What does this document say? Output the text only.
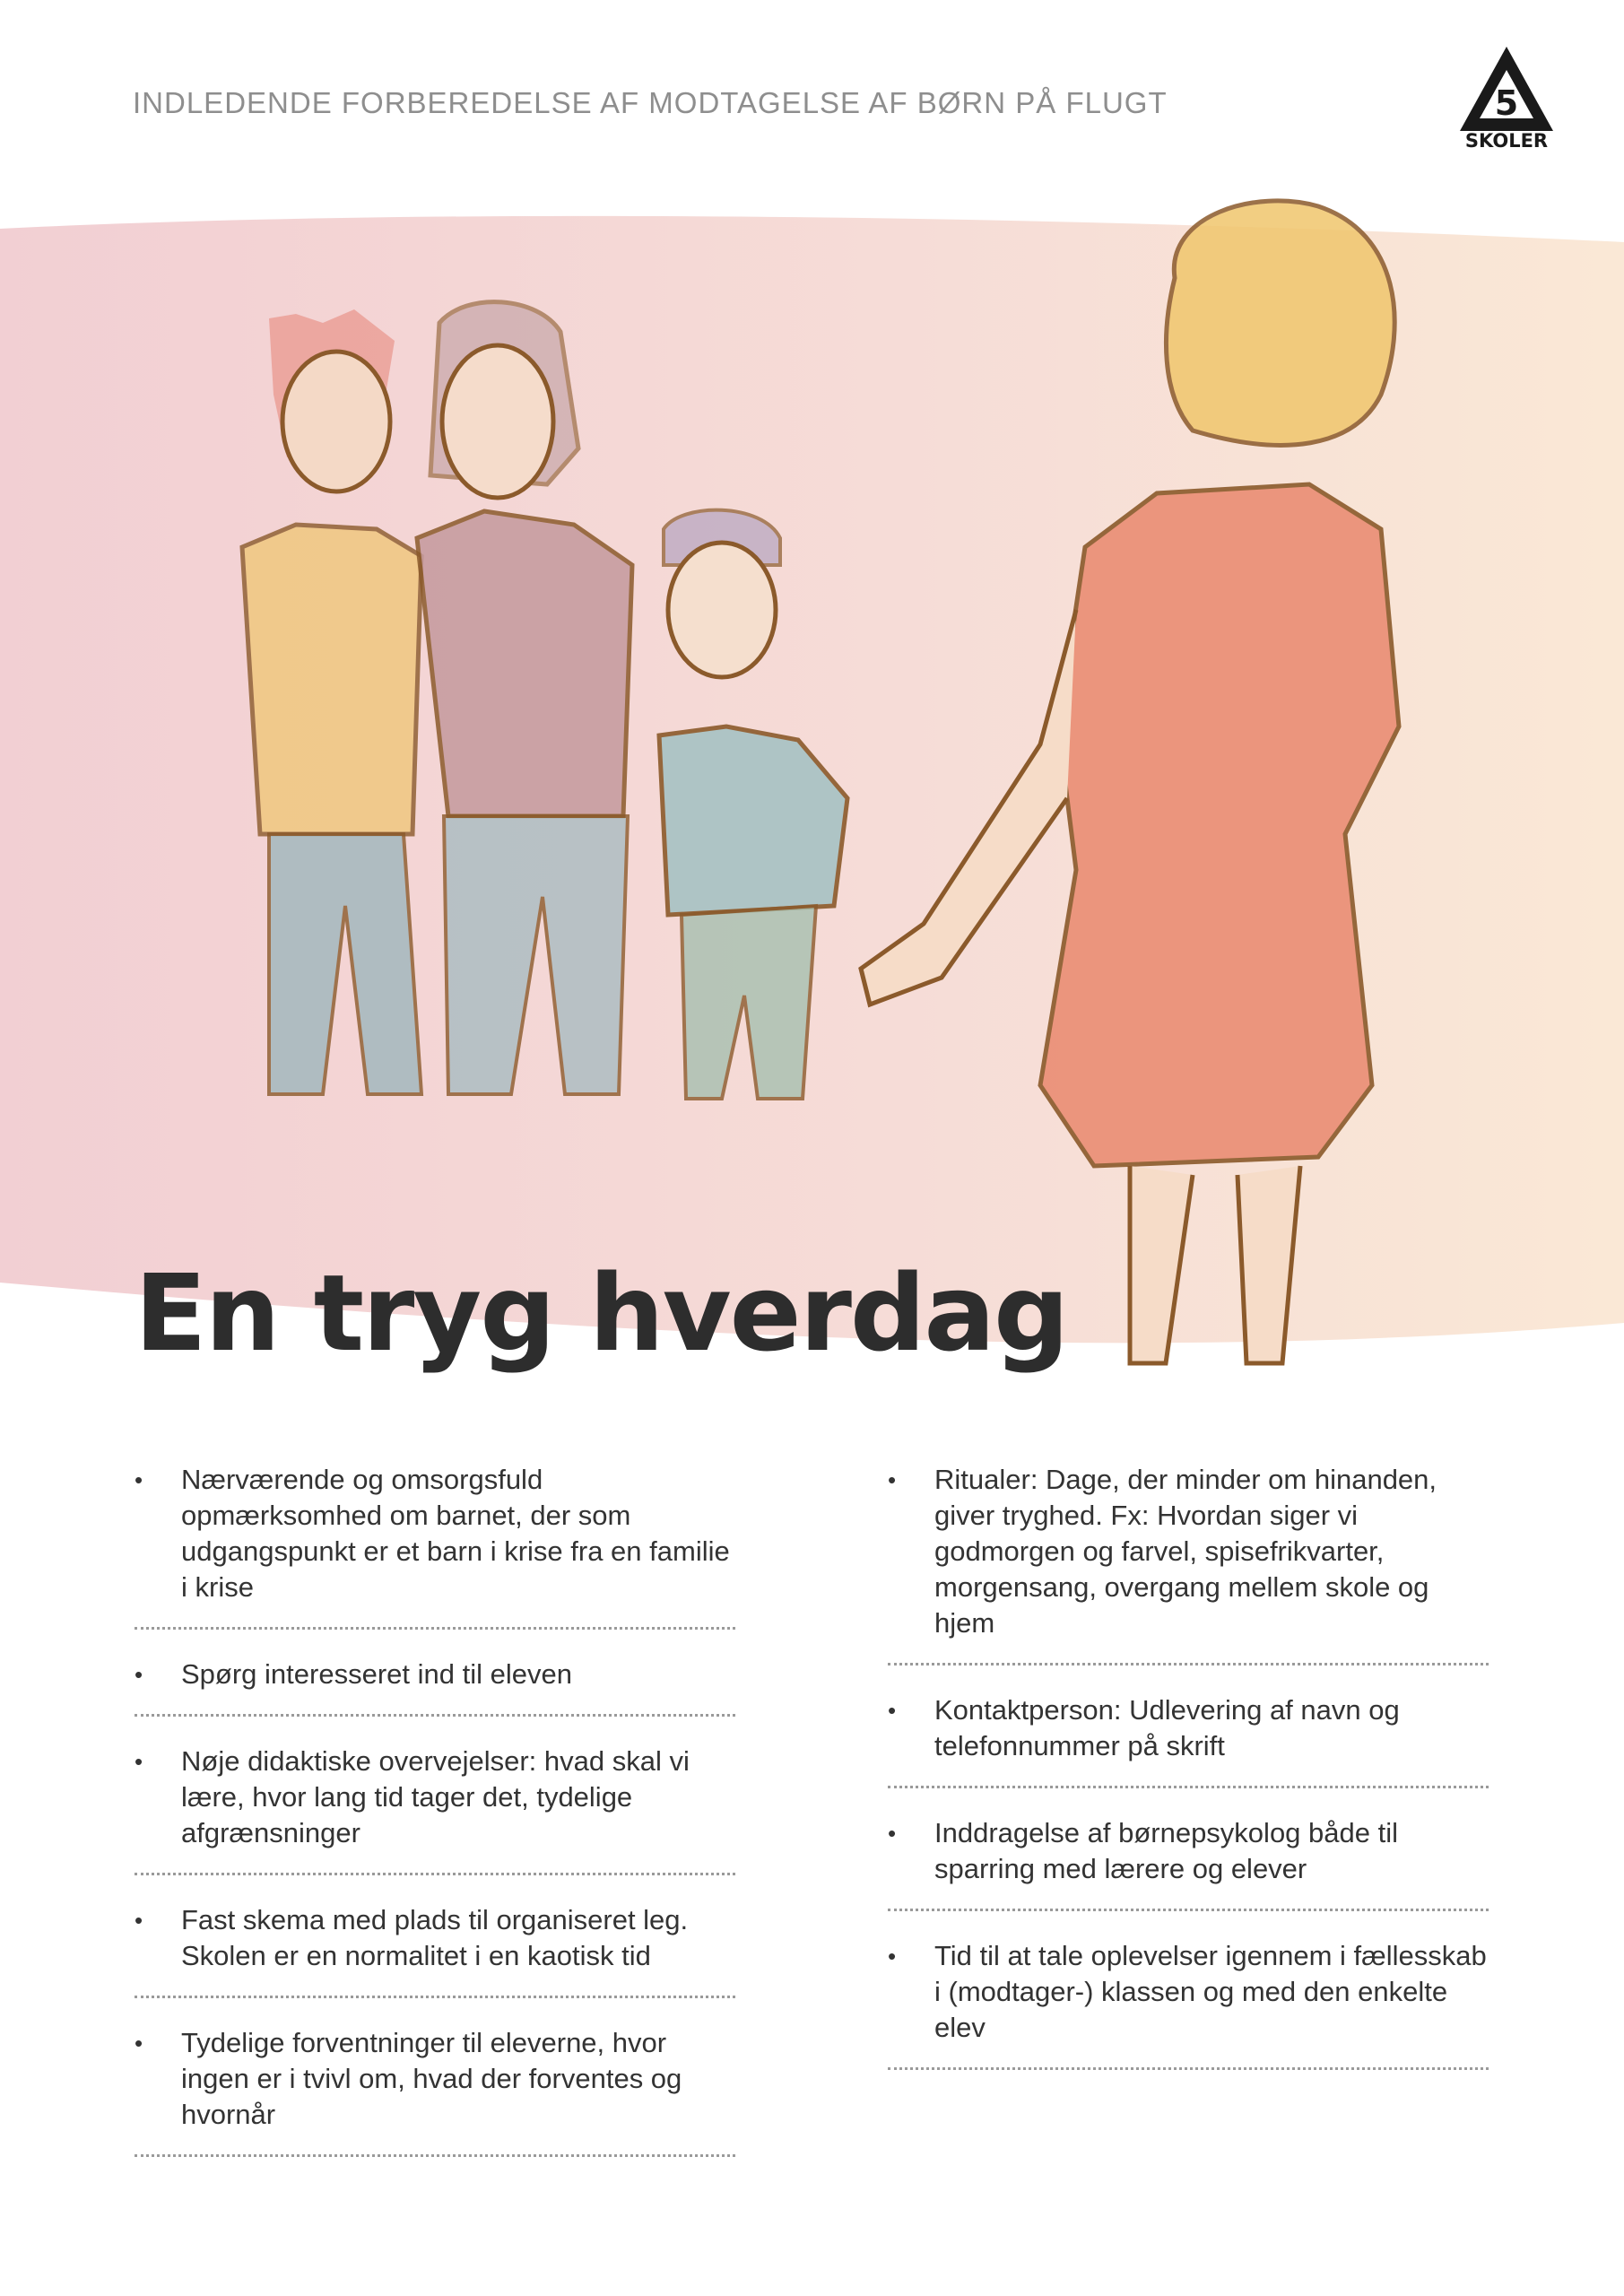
INDLEDENDE FORBEREDELSE AF MODTAGELSE AF BØRN PÅ FLUGT	5
SKOLER
En tryg hverdag
• Nærværende og omsorgsfuld opmærksomhed om barnet, der som udgangspunkt er et barn i krise fra en familie i krise
• Spørg interesseret ind til eleven
• Nøje didaktiske overvejelser: hvad skal vi lære, hvor lang tid tager det, tydelige afgrænsninger
• Fast skema med plads til organiseret leg. Skolen er en normalitet i en kaotisk tid
• Tydelige forventninger til eleverne, hvor ingen er i tvivl om, hvad der forventes og hvornår
• Ritualer: Dage, der minder om hinanden, giver tryghed. Fx: Hvordan siger vi godmorgen og farvel, spisefrikvarter, morgensang, overgang mellem skole og hjem
• Kontaktperson: Udlevering af navn og telefonnummer på skrift
• Inddragelse af børnepsykolog både til sparring med lærere og elever
• Tid til at tale oplevelser igennem i fællesskab i (modtager-) klassen og med den enkelte elev
